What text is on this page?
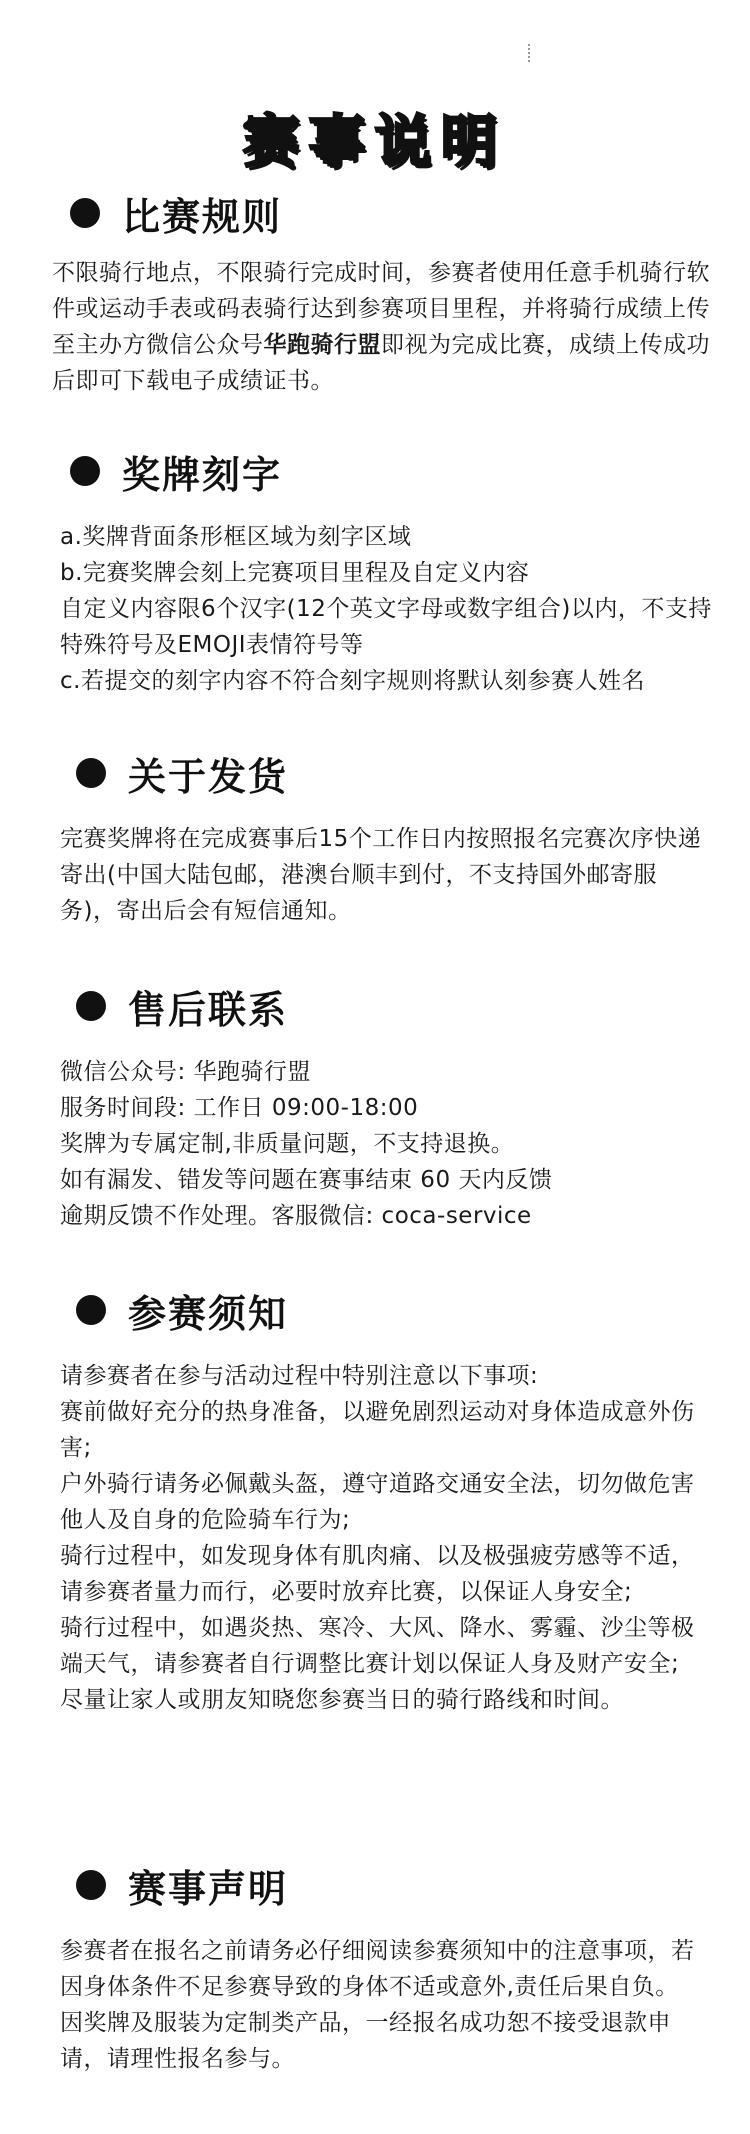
赛事说明
比赛规则

不限骑行地点，不限骑行完成时间，参赛者使用任意手机骑行软件或运动手表或码表骑行达到参赛项目里程，并将骑行成绩上传至主办方微信公众号华跑骑行盟即视为完成比赛，成绩上传成功后即可下载电子成绩证书。

奖牌刻字

a.奖牌背面条形框区域为刻字区域

b.完赛奖牌会刻上完赛项目里程及自定义内容

自定义内容限6个汉字(12个英文字母或数字组合)以内，不支持特殊符号及EMOJI表情符号等

c.若提交的刻字内容不符合刻字规则将默认刻参赛人姓名

关于发货

完赛奖牌将在完成赛事后15个工作日内按照报名完赛次序快递寄出(中国大陆包邮，港澳台顺丰到付，不支持国外邮寄服务)，寄出后会有短信通知。

售后联系

微信公众号: 华跑骑行盟

服务时间段: 工作日 09:00-18:00

奖牌为专属定制,非质量问题，不支持退换。

如有漏发、错发等问题在赛事结束 60 天内反馈

逾期反馈不作处理。客服微信: coca-service

参赛须知

请参赛者在参与活动过程中特别注意以下事项:

赛前做好充分的热身准备，以避免剧烈运动对身体造成意外伤害;

户外骑行请务必佩戴头盔，遵守道路交通安全法，切勿做危害他人及自身的危险骑车行为;

骑行过程中，如发现身体有肌肉痛、以及极强疲劳感等不适，请参赛者量力而行，必要时放弃比赛，以保证人身安全;

骑行过程中，如遇炎热、寒冷、大风、降水、雾霾、沙尘等极端天气，请参赛者自行调整比赛计划以保证人身及财产安全;

尽量让家人或朋友知晓您参赛当日的骑行路线和时间。

赛事声明

参赛者在报名之前请务必仔细阅读参赛须知中的注意事项，若因身体条件不足参赛导致的身体不适或意外,责任后果自负。因奖牌及服装为定制类产品，一经报名成功恕不接受退款申请，请理性报名参与。
